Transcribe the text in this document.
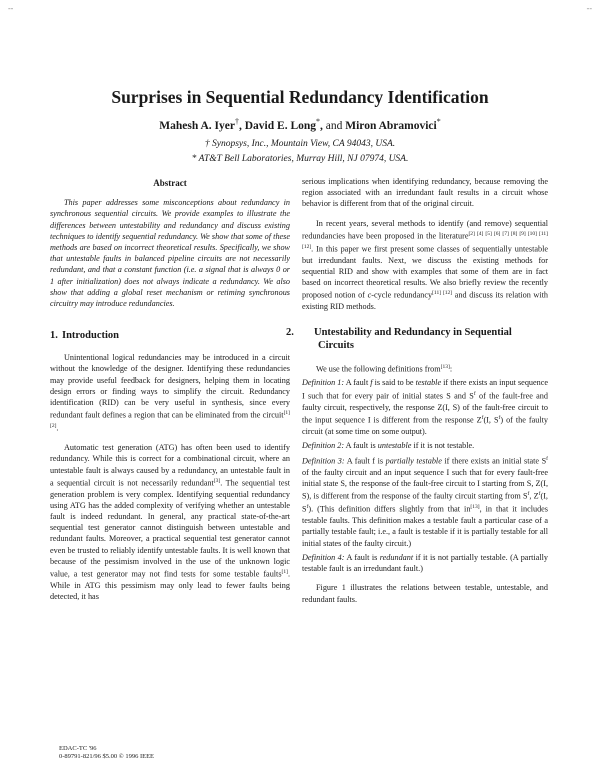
--	--
Surprises in Sequential Redundancy Identification
Mahesh A. Iyer†, David E. Long*, and Miron Abramovici*
† Synopsys, Inc., Mountain View, CA 94043, USA.
* AT&T Bell Laboratories, Murray Hill, NJ 07974, USA.
Abstract

This paper addresses some misconceptions about redundancy in synchronous sequential circuits. We provide examples to illustrate the differences between untestability and redundancy and discuss existing techniques to identify sequential redundancy. We show that some of these methods are based on incorrect theoretical results. Specifically, we show that untestable faults in balanced pipeline circuits are not necessarily redundant, and that a constant function (i.e. a signal that is always 0 or 1 after initialization) does not always indicate a redundancy. We also show that adding a global reset mechanism or retiming synchronous circuitry may introduce redundancies.

1. Introduction

Unintentional logical redundancies may be introduced in a circuit without the knowledge of the designer. Identifying these redundancies may provide useful feedback for designers, helping them in locating design errors or finding ways to simplify the circuit. Redundancy identification (RID) can be very useful in synthesis, since every redundant fault defines a region that can be eliminated from the circuit[1] [2].

Automatic test generation (ATG) has often been used to identify redundancy. While this is correct for a combinational circuit, where an untestable fault is always caused by a redundancy, an untestable fault in a sequential circuit is not necessarily redundant[3]. The sequential test generation problem is very complex. Identifying sequential redundancy using ATG has the added complexity of verifying whether an untestable fault is indeed redundant. In general, any practical state-of-the-art sequential test generator cannot distinguish between untestable and redundant faults. Moreover, a practical sequential test generator cannot even be trusted to reliably identify untestable faults. It is well known that because of the pessimism involved in the use of the unknown logic value, a test generator may not find tests for some testable faults[1]. While in ATG this pessimism may only lead to fewer faults being detected, it has

serious implications when identifying redundancy, because removing the region associated with an irredundant fault results in a circuit whose behavior is different from that of the original circuit.

In recent years, several methods to identify (and remove) sequential redundancies have been proposed in the literature[2] [4] [5] [6] [7] [8] [9] [10] [11] [12]. In this paper we first present some classes of sequentially untestable but irredundant faults. Next, we discuss the existing methods for sequential RID and show with examples that some of them are in fact based on incorrect theoretical results. We also briefly review the recently proposed notion of c-cycle redundancy[11] [12] and discuss its relation with existing RID methods.

2. Untestability and Redundancy in Sequential Circuits

We use the following definitions from[13]:

Definition 1: A fault f is said to be testable if there exists an input sequence I such that for every pair of initial states S and $S^f$ of the fault-free and faulty circuit, respectively, the response Z(I, S) of the fault-free circuit to the input sequence I is different from the response $Z^f(I$, $S^f$) of the faulty circuit (at some time on some output).

Definition 2: A fault is untestable if it is not testable.

Definition 3: A fault f is partially testable if there exists an initial state $S^f$ of the faulty circuit and an input sequence I such that for every fault-free initial state S, the response of the fault-free circuit to I starting from S, Z(I, S), is different from the response of the faulty circuit starting from $S^f$, $Z^f(I$, $S^f$). (This definition differs slightly from that in[13], in that it includes testable faults. This definition makes a testable fault a particular case of a partially testable fault; i.e., a fault is testable if it is partially testable for all initial states of the faulty circuit.)

Definition 4: A fault is redundant if it is not partially testable. (A partially testable fault is an irredundant fault.)

Figure 1 illustrates the relations between testable, untestable, and redundant faults.

EDAC-TC '96
0-89791-821/96 $5.00 © 1996 IEEE
